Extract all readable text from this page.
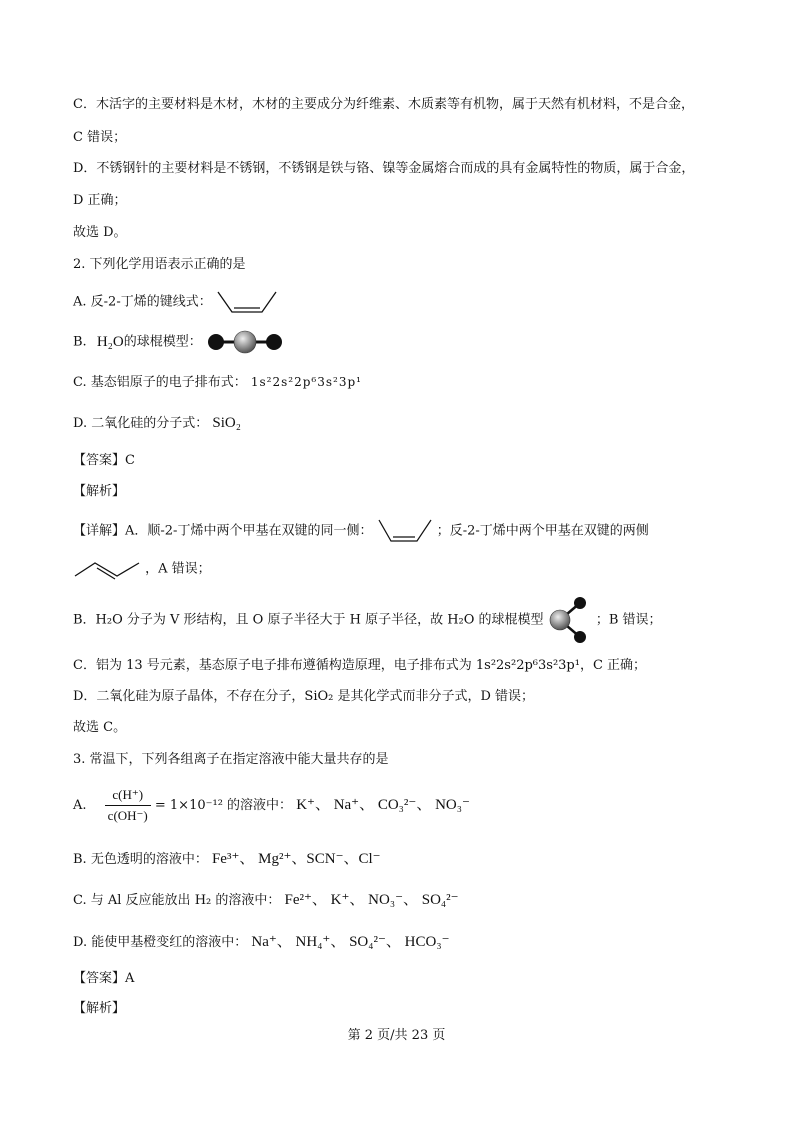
C．木活字的主要材料是木材，木材的主要成分为纤维素、木质素等有机物，属于天然有机材料，不是合金，
C 错误；
D．不锈钢针的主要材料是不锈钢，不锈钢是铁与铬、镍等金属熔合而成的具有金属特性的物质，属于合金，
D 正确；
故选 D。
2. 下列化学用语表示正确的是
A. 反-2-丁烯的键线式：
B. H₂O的球棍模型：
C. 基态铝原子的电子排布式： 1s²2s²2p⁶3s²3p¹
D. 二氧化硅的分子式： SiO₂
【答案】C
【解析】
【详解】A．顺-2-丁烯中两个甲基在双键的同一侧：	；反-2-丁烯中两个甲基在双键的两侧
，A 错误；
B．H₂O 分子为 V 形结构，且 O 原子半径大于 H 原子半径，故 H₂O 的球棍模型	；B 错误；
C．铝为 13 号元素，基态原子电子排布遵循构造原理，电子排布式为 1s²2s²2p⁶3s²3p¹，C 正确；
D．二氧化硅为原子晶体，不存在分子，SiO₂ 是其化学式而非分子式，D 错误；
故选 C。
3. 常温下，下列各组离子在指定溶液中能大量共存的是
A. $\frac{c(H^+)}{c(OH^-)} = 1\times 10^{-12}$ 的溶液中： K⁺、 Na⁺、 CO₃²⁻、 NO₃⁻
B. 无色透明的溶液中： Fe³⁺、 Mg²⁺、SCN⁻、Cl⁻
C. 与 Al 反应能放出 H₂ 的溶液中： Fe²⁺、 K⁺、 NO₃⁻、 SO₄²⁻
D. 能使甲基橙变红的溶液中： Na⁺、 NH₄⁺、 SO₄²⁻、 HCO₃⁻
【答案】A
【解析】
第 2 页/共 23 页
